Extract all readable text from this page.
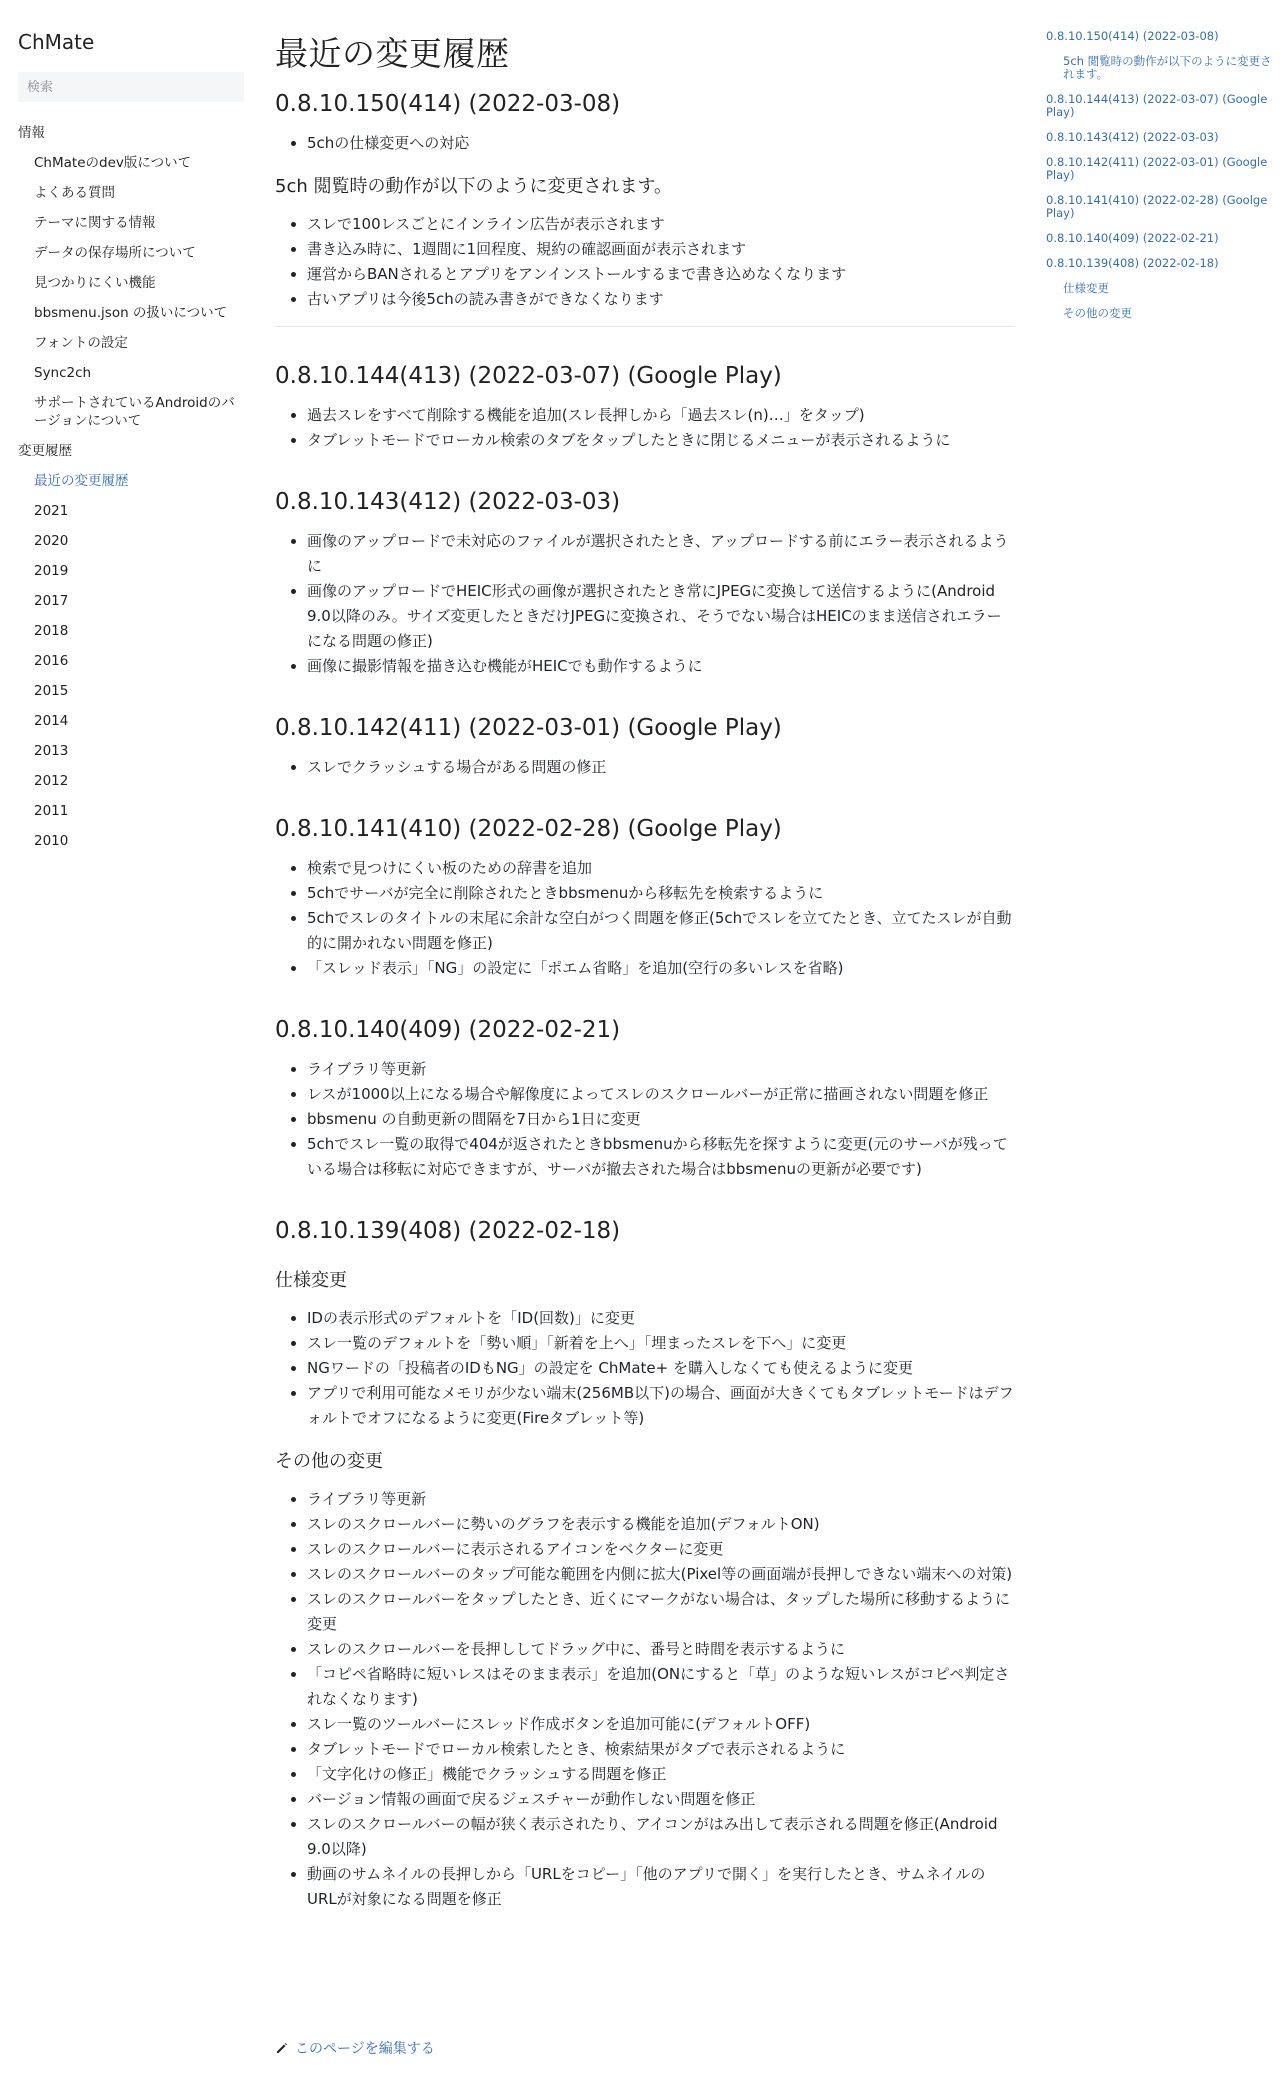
ChMate
検索
情報
ChMateのdev版について
よくある質問
テーマに関する情報
データの保存場所について
見つかりにくい機能
bbsmenu.json の扱いについて
フォントの設定
Sync2ch
サポートされているAndroidのバージョンについて
変更履歴
最近の変更履歴
2021
2020
2019
2017
2018
2016
2015
2014
2013
2012
2011
2010
最近の変更履歴
0.8.10.150(414) (2022-03-08)
• 5chの仕様変更への対応
5ch 閲覧時の動作が以下のように変更されます。
• スレで100レスごとにインライン広告が表示されます
• 書き込み時に、1週間に1回程度、規約の確認画面が表示されます
• 運営からBANされるとアプリをアンインストールするまで書き込めなくなります
• 古いアプリは今後5chの読み書きができなくなります
0.8.10.144(413) (2022-03-07) (Google Play)
• 過去スレをすべて削除する機能を追加(スレ長押しから「過去スレ(n)…」をタップ)
• タブレットモードでローカル検索のタブをタップしたときに閉じるメニューが表示されるように
0.8.10.143(412) (2022-03-03)
• 画像のアップロードで未対応のファイルが選択されたとき、アップロードする前にエラー表示されるように
• 画像のアップロードでHEIC形式の画像が選択されたとき常にJPEGに変換して送信するように(Android 9.0以降のみ。サイズ変更したときだけJPEGに変換され、そうでない場合はHEICのまま送信されエラーになる問題の修正)
• 画像に撮影情報を描き込む機能がHEICでも動作するように
0.8.10.142(411) (2022-03-01) (Google Play)
• スレでクラッシュする場合がある問題の修正
0.8.10.141(410) (2022-02-28) (Goolge Play)
• 検索で見つけにくい板のための辞書を追加
• 5chでサーバが完全に削除されたときbbsmenuから移転先を検索するように
• 5chでスレのタイトルの末尾に余計な空白がつく問題を修正(5chでスレを立てたとき、立てたスレが自動的に開かれない問題を修正)
• 「スレッド表示」「NG」の設定に「ポエム省略」を追加(空行の多いレスを省略)
0.8.10.140(409) (2022-02-21)
• ライブラリ等更新
• レスが1000以上になる場合や解像度によってスレのスクロールバーが正常に描画されない問題を修正
• bbsmenu の自動更新の間隔を7日から1日に変更
• 5chでスレ一覧の取得で404が返されたときbbsmenuから移転先を探すように変更(元のサーバが残っている場合は移転に対応できますが、サーバが撤去された場合はbbsmenuの更新が必要です)
0.8.10.139(408) (2022-02-18)
仕様変更
• IDの表示形式のデフォルトを「ID(回数)」に変更
• スレ一覧のデフォルトを「勢い順」「新着を上へ」「埋まったスレを下へ」に変更
• NGワードの「投稿者のIDもNG」の設定を ChMate+ を購入しなくても使えるように変更
• アプリで利用可能なメモリが少ない端末(256MB以下)の場合、画面が大きくてもタブレットモードはデフォルトでオフになるように変更(Fireタブレット等)
その他の変更
• ライブラリ等更新
• スレのスクロールバーに勢いのグラフを表示する機能を追加(デフォルトON)
• スレのスクロールバーに表示されるアイコンをベクターに変更
• スレのスクロールバーのタップ可能な範囲を内側に拡大(Pixel等の画面端が長押しできない端末への対策)
• スレのスクロールバーをタップしたとき、近くにマークがない場合は、タップした場所に移動するように変更
• スレのスクロールバーを長押ししてドラッグ中に、番号と時間を表示するように
• 「コピペ省略時に短いレスはそのまま表示」を追加(ONにすると「草」のような短いレスがコピペ判定されなくなります)
• スレ一覧のツールバーにスレッド作成ボタンを追加可能に(デフォルトOFF)
• タブレットモードでローカル検索したとき、検索結果がタブで表示されるように
• 「文字化けの修正」機能でクラッシュする問題を修正
• バージョン情報の画面で戻るジェスチャーが動作しない問題を修正
• スレのスクロールバーの幅が狭く表示されたり、アイコンがはみ出して表示される問題を修正(Android 9.0以降)
• 動画のサムネイルの長押しから「URLをコピー」「他のアプリで開く」を実行したとき、サムネイルのURLが対象になる問題を修正
このページを編集する
0.8.10.150(414) (2022-03-08)
5ch 閲覧時の動作が以下のように変更されます。
0.8.10.144(413) (2022-03-07) (Google Play)
0.8.10.143(412) (2022-03-03)
0.8.10.142(411) (2022-03-01) (Google Play)
0.8.10.141(410) (2022-02-28) (Goolge Play)
0.8.10.140(409) (2022-02-21)
0.8.10.139(408) (2022-02-18)
仕様変更
その他の変更
